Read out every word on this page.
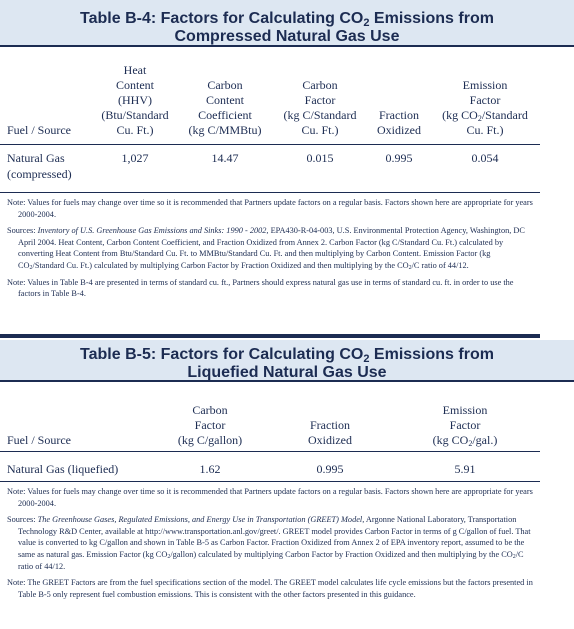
Table B-4: Factors for Calculating $CO_2$ Emissions from
Compressed Natural Gas Use
Fuel / Source	Heat
Content
(HHV)
(Btu/Standard
Cu. Ft.)	Carbon
Content
Coefficient
(kg C/MMBtu)	Carbon
Factor
(kg C/Standard
Cu. Ft.)	Fraction
Oxidized	Emission
Factor
(kg $CO_2$/Standard
Cu. Ft.)

Natural Gas
(compressed)	1,027	14.47	0.015	0.995	0.054

Note: Values for fuels may change over time so it is recommended that Partners update factors on a regular basis. Factors shown here are appropriate for years 2000-2004.

Sources: Inventory of U.S. Greenhouse Gas Emissions and Sinks: 1990 - 2002, EPA430-R-04-003, U.S. Environmental Protection Agency, Washington, DC April 2004. Heat Content, Carbon Content Coefficient, and Fraction Oxidized from Annex 2. Carbon Factor (kg C/Standard Cu. Ft.) calculated by converting Heat Content from Btu/Standard Cu. Ft. to MMBtu/Standard Cu. Ft. and then multiplying by Carbon Content. Emission Factor (kg $CO_2$/Standard Cu. Ft.) calculated by multiplying Carbon Factor by Fraction Oxidized and then multiplying by the $CO_2/C$ ratio of 44/12.

Note: Values in Table B-4 are presented in terms of standard cu. ft., Partners should express natural gas use in terms of standard cu. ft. in order to use the factors in Table B-4.

Table B-5: Factors for Calculating $CO_2$ Emissions from
Liquefied Natural Gas Use
Fuel / Source	Carbon
Factor
(kg C/gallon)	Fraction
Oxidized	Emission
Factor
(kg $CO_2/gal$.)

Natural Gas (liquefied)	1.62	0.995	5.91

Note: Values for fuels may change over time so it is recommended that Partners update factors on a regular basis. Factors shown here are appropriate for years 2000-2004.

Sources: The Greenhouse Gases, Regulated Emissions, and Energy Use in Transportation (GREET) Model, Argonne National Laboratory, Transportation Technology R&D Center, available at http://www.transportation.anl.gov/greet/. GREET model provides Carbon Factor in terms of g C/gallon of fuel. That value is converted to kg C/gallon and shown in Table B-5 as Carbon Factor. Fraction Oxidized from Annex 2 of EPA inventory report, assumed to be the same as natural gas. Emission Factor (kg $CO_2/gallon$) calculated by multiplying Carbon Factor by Fraction Oxidized and then multiplying by the $CO_2/C$ ratio of 44/12.

Note: The GREET Factors are from the fuel specifications section of the model. The GREET model calculates life cycle emissions but the factors presented in Table B-5 only represent fuel combustion emissions. This is consistent with the other factors presented in this guidance.
